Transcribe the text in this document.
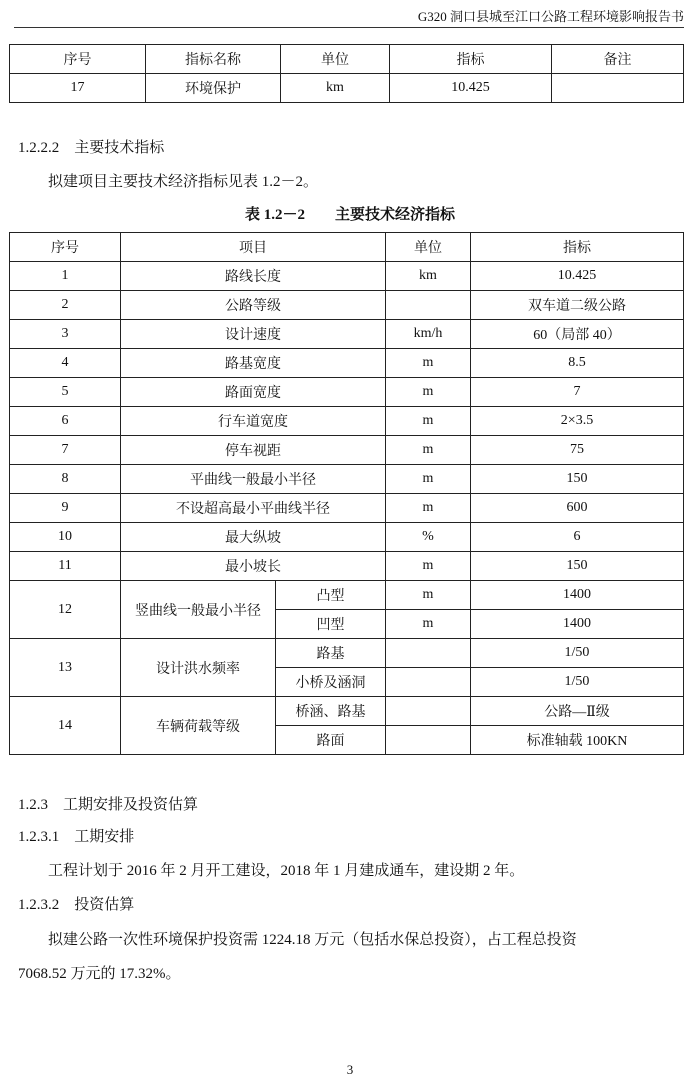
G320 洞口县城至江口公路工程环境影响报告书
序号	指标名称	单位	指标	备注
17	环境保护	km	10.425	
1.2.2.2　主要技术指标
拟建项目主要技术经济指标见表 1.2－2。
表 1.2－2　　主要技术经济指标
序号	项目		单位	指标
1	路线长度		km	10.425
2	公路等级			双车道二级公路
3	设计速度		km/h	60（局部 40）
4	路基宽度		m	8.5
5	路面宽度		m	7
6	行车道宽度		m	2×3.5
7	停车视距		m	75
8	平曲线一般最小半径		m	150
9	不设超高最小平曲线半径		m	600
10	最大纵坡		%	6
11	最小坡长		m	150
12	竖曲线一般最小半径	凸型	m	1400
		凹型	m	1400
13	设计洪水频率	路基		1/50
		小桥及涵洞		1/50
14	车辆荷载等级	桥涵、路基		公路—Ⅱ级
		路面		标准轴载 100KN
1.2.3　工期安排及投资估算
1.2.3.1　工期安排
工程计划于 2016 年 2 月开工建设，2018 年 1 月建成通车，建设期 2 年。
1.2.3.2　投资估算
拟建公路一次性环境保护投资需 1224.18 万元（包括水保总投资），占工程总投资
7068.52 万元的 17.32%。
3
